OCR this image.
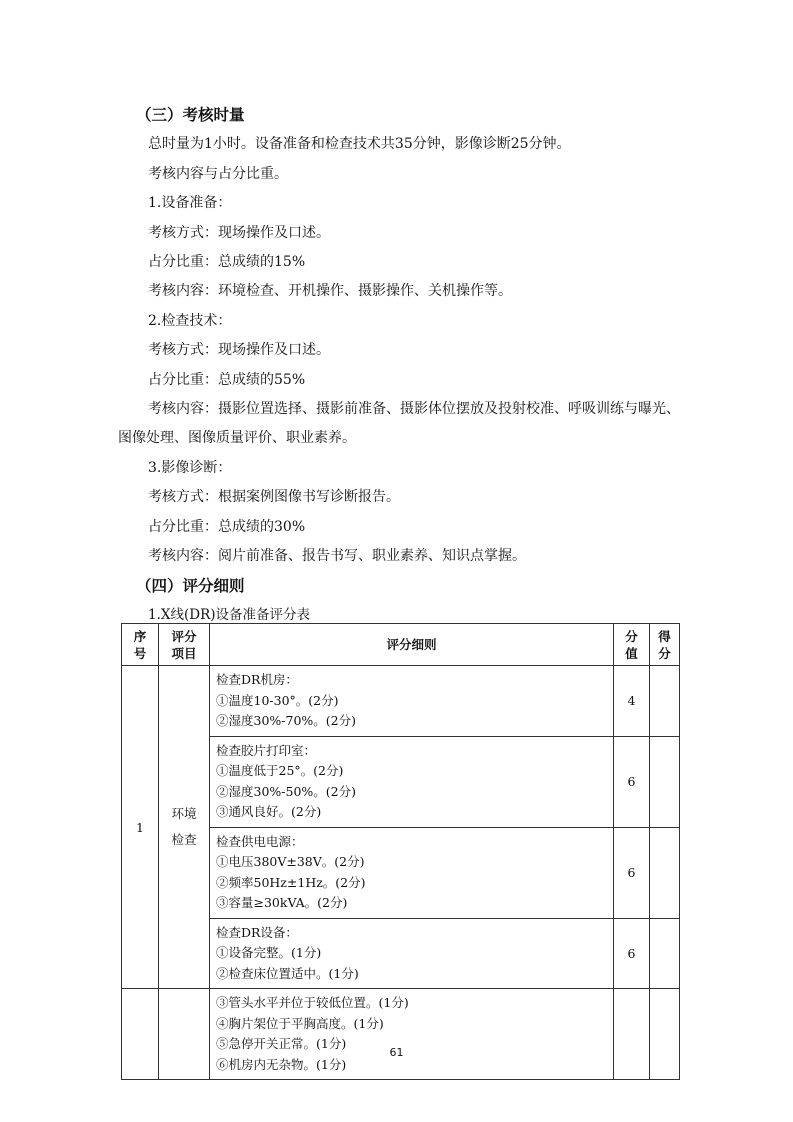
（三）考核时量

总时量为1小时。设备准备和检查技术共35分钟，影像诊断25分钟。

考核内容与占分比重。

1.设备准备：

考核方式：现场操作及口述。

占分比重：总成绩的15%

考核内容：环境检查、开机操作、摄影操作、关机操作等。

2.检查技术：

考核方式：现场操作及口述。

占分比重：总成绩的55%

考核内容：摄影位置选择、摄影前准备、摄影体位摆放及投射校准、呼吸训练与曝光、图像处理、图像质量评价、职业素养。

3.影像诊断：

考核方式：根据案例图像书写诊断报告。

占分比重：总成绩的30%

考核内容：阅片前准备、报告书写、职业素养、知识点掌握。

（四）评分细则

1.X线(DR)设备准备评分表

序号	评分项目	评分细则	分值	得分
1	环境检查	检查DR机房：
①温度10-30°。(2分)
②湿度30%-70%。(2分)	4	

		检查胶片打印室：
①温度低于25°。(2分)
②湿度30%-50%。(2分)
③通风良好。(2分)	6	

		检查供电电源：
①电压380V±38V。(2分)
②频率50Hz±1Hz。(2分)
③容量≥30kVA。(2分)	6	

		检查DR设备：
①设备完整。(1分)
②检查床位置适中。(1分)	6	

		③管头水平并位于较低位置。(1分)
④胸片架位于平胸高度。(1分)
⑤急停开关正常。(1分)
⑥机房内无杂物。(1分)		

61
